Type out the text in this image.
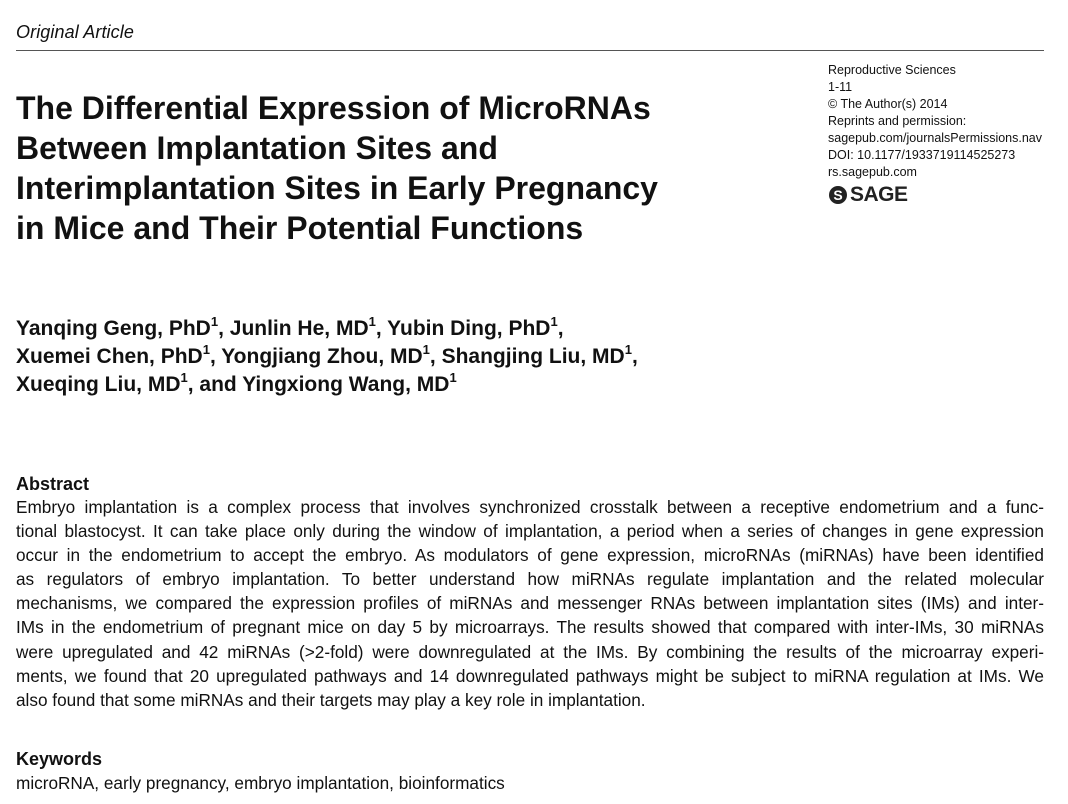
Original Article
Reproductive Sciences
1-11
© The Author(s) 2014
Reprints and permission:
sagepub.com/journalsPermissions.nav
DOI: 10.1177/1933719114525273
rs.sagepub.com
S SAGE
The Differential Expression of MicroRNAs
Between Implantation Sites and
Interimplantation Sites in Early Pregnancy
in Mice and Their Potential Functions
Yanqing Geng, PhD$^1$, Junlin He, $MD^1$, Yubin Ding, PhD$^1$,
Xuemei Chen, PhD$^1$, Yongjiang Zhou, $MD^1$, Shangjing Liu, $MD^1$,
Xueqing Liu, $MD^1$, and Yingxiong Wang, $MD^1$
Abstract
Embryo implantation is a complex process that involves synchronized crosstalk between a receptive endometrium and a func-
tional blastocyst. It can take place only during the window of implantation, a period when a series of changes in gene expression
occur in the endometrium to accept the embryo. As modulators of gene expression, microRNAs (miRNAs) have been identified
as regulators of embryo implantation. To better understand how miRNAs regulate implantation and the related molecular
mechanisms, we compared the expression profiles of miRNAs and messenger RNAs between implantation sites (IMs) and inter-
IMs in the endometrium of pregnant mice on day 5 by microarrays. The results showed that compared with inter-IMs, 30 miRNAs
were upregulated and 42 miRNAs (>2-fold) were downregulated at the IMs. By combining the results of the microarray experi-
ments, we found that 20 upregulated pathways and 14 downregulated pathways might be subject to miRNA regulation at IMs. We
also found that some miRNAs and their targets may play a key role in implantation.
Keywords
microRNA, early pregnancy, embryo implantation, bioinformatics
